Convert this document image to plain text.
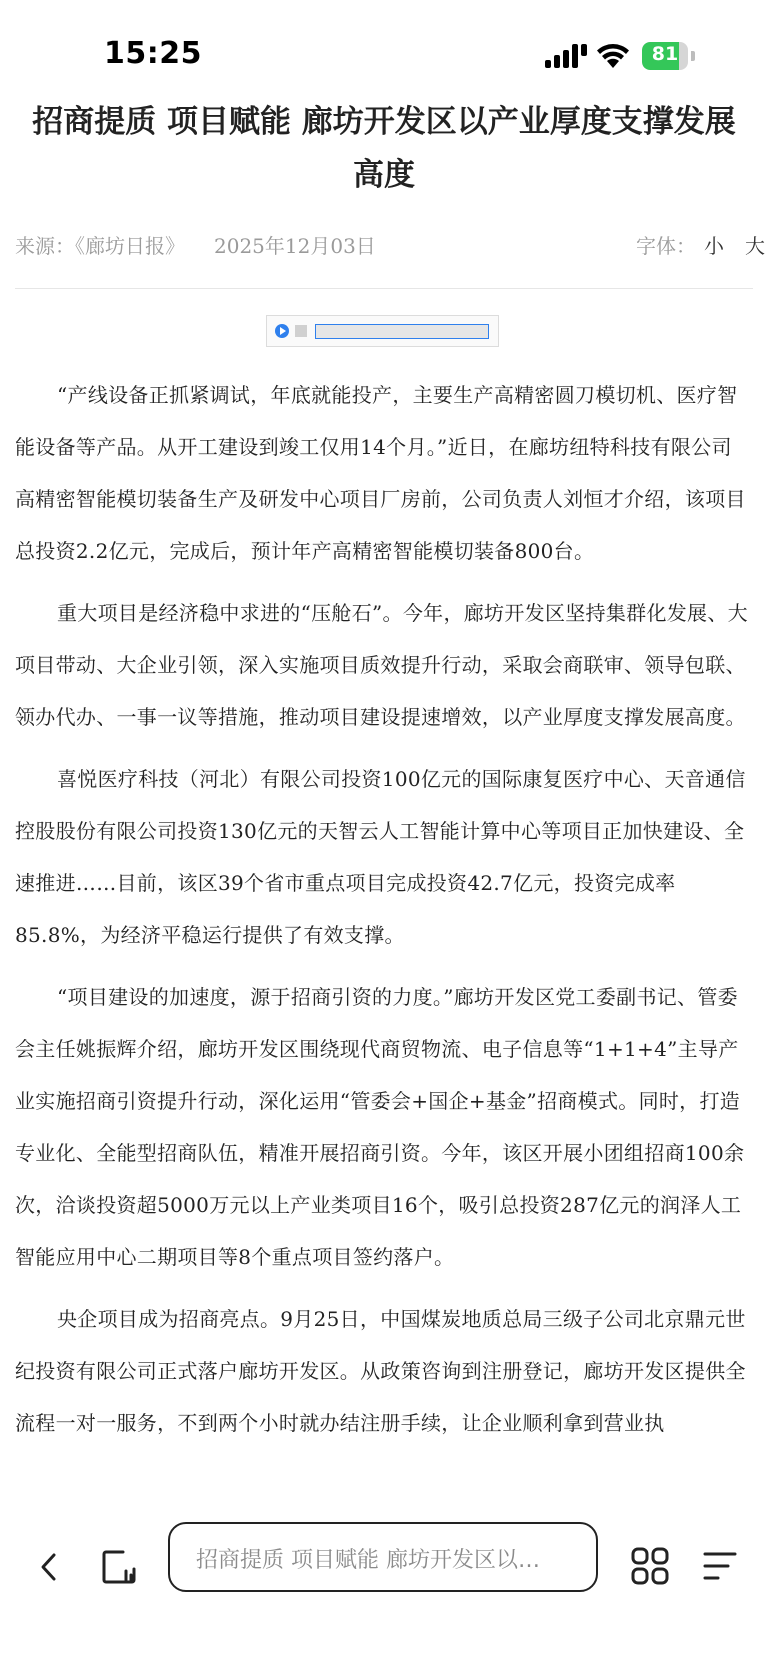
15:25	81
招商提质 项目赋能 廊坊开发区以产业厚度支撑发展高度
来源：《廊坊日报》 2025年12月03日	字体： 小 大

“产线设备正抓紧调试，年底就能投产，主要生产高精密圆刀模切机、医疗智能设备等产品。从开工建设到竣工仅用14个月。”近日，在廊坊纽特科技有限公司高精密智能模切装备生产及研发中心项目厂房前，公司负责人刘恒才介绍，该项目总投资2.2亿元，完成后，预计年产高精密智能模切装备800台。

重大项目是经济稳中求进的“压舱石”。今年，廊坊开发区坚持集群化发展、大项目带动、大企业引领，深入实施项目质效提升行动，采取会商联审、领导包联、领办代办、一事一议等措施，推动项目建设提速增效，以产业厚度支撑发展高度。

喜悦医疗科技（河北）有限公司投资100亿元的国际康复医疗中心、天音通信控股股份有限公司投资130亿元的天智云人工智能计算中心等项目正加快建设、全速推进……目前，该区39个省市重点项目完成投资42.7亿元，投资完成率85.8%，为经济平稳运行提供了有效支撑。

“项目建设的加速度，源于招商引资的力度。”廊坊开发区党工委副书记、管委会主任姚振辉介绍，廊坊开发区围绕现代商贸物流、电子信息等“1+1+4”主导产业实施招商引资提升行动，深化运用“管委会+国企+基金”招商模式。同时，打造专业化、全能型招商队伍，精准开展招商引资。今年，该区开展小团组招商100余次，洽谈投资超5000万元以上产业类项目16个，吸引总投资287亿元的润泽人工智能应用中心二期项目等8个重点项目签约落户。

央企项目成为招商亮点。9月25日，中国煤炭地质总局三级子公司北京鼎元世纪投资有限公司正式落户廊坊开发区。从政策咨询到注册登记，廊坊开发区提供全流程一对一服务，不到两个小时就办结注册手续，让企业顺利拿到营业执

招商提质 项目赋能 廊坊开发区以…
